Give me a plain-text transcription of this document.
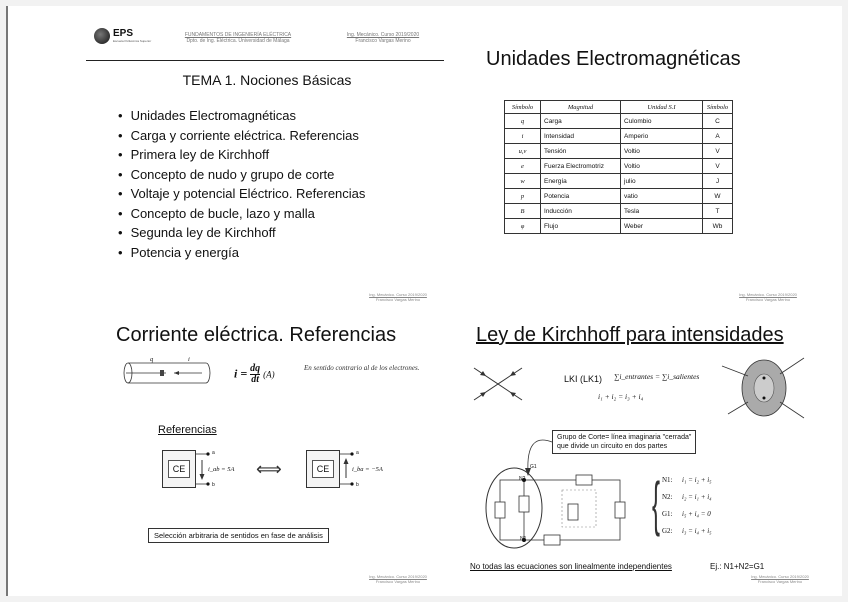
EPS
Escuela Politécnica Superior
FUNDAMENTOS DE INGENIERÍA ELÉCTRICA
Dpto. de Ing. Eléctrica. Universidad de Málaga
Ing. Mecánico. Curso 2019/2020
Francisco Vargas Merino
TEMA 1. Nociones Básicas
• Unidades Electromagnéticas
• Carga y corriente eléctrica. Referencias
• Primera ley de Kirchhoff
• Concepto de nudo y grupo de corte
• Voltaje y potencial Eléctrico. Referencias
• Concepto de bucle, lazo y malla
• Segunda ley de Kirchhoff
• Potencia y energía
Ing. Mecánico. Curso 2019/2020
Francisco Vargas Merino
Unidades Electromagnéticas
Símbolo	Magnitud	Unidad S.I	Símbolo
q	Carga	Culombio	C
i	Intensidad	Amperio	A
u,v	Tensión	Voltio	V
e	Fuerza Electromotriz	Voltio	V
w	Energía	julio	J
p	Potencia	vatio	W
B	Inducción	Tesla	T
φ	Flujo	Weber	Wb
Ing. Mecánico. Curso 2019/2020
Francisco Vargas Merino
Corriente eléctrica. Referencias
q	i
$i = \frac{dq}{dt} (A)$
En sentido contrario al de los electrones.
Referencias
CE
a
b
i_ab = 5A ⟺	CE
a
b
i_ba = −5A
Selección arbitraria de sentidos en fase de análisis
Ing. Mecánico. Curso 2019/2020
Francisco Vargas Merino
Ley de Kirchhoff para intensidades
LKI (LK1) ∑i_entrantes = ∑i_salientes
i₁ + i₂ = i₃ + i₄
Grupo de Corte= línea imaginaria "cerrada"
que divide un circuito en dos partes
N2
N1
G1
{ N1: i₁ = i₂ + i₅
N2: i₂ = i₁ + i₄
G1: i₅ + i₄ = 0
G2: i₃ = i₄ + i₅
No todas las ecuaciones son linealmente independientes	Ej.: N1+N2=G1
Ing. Mecánico. Curso 2019/2020
Francisco Vargas Merino
